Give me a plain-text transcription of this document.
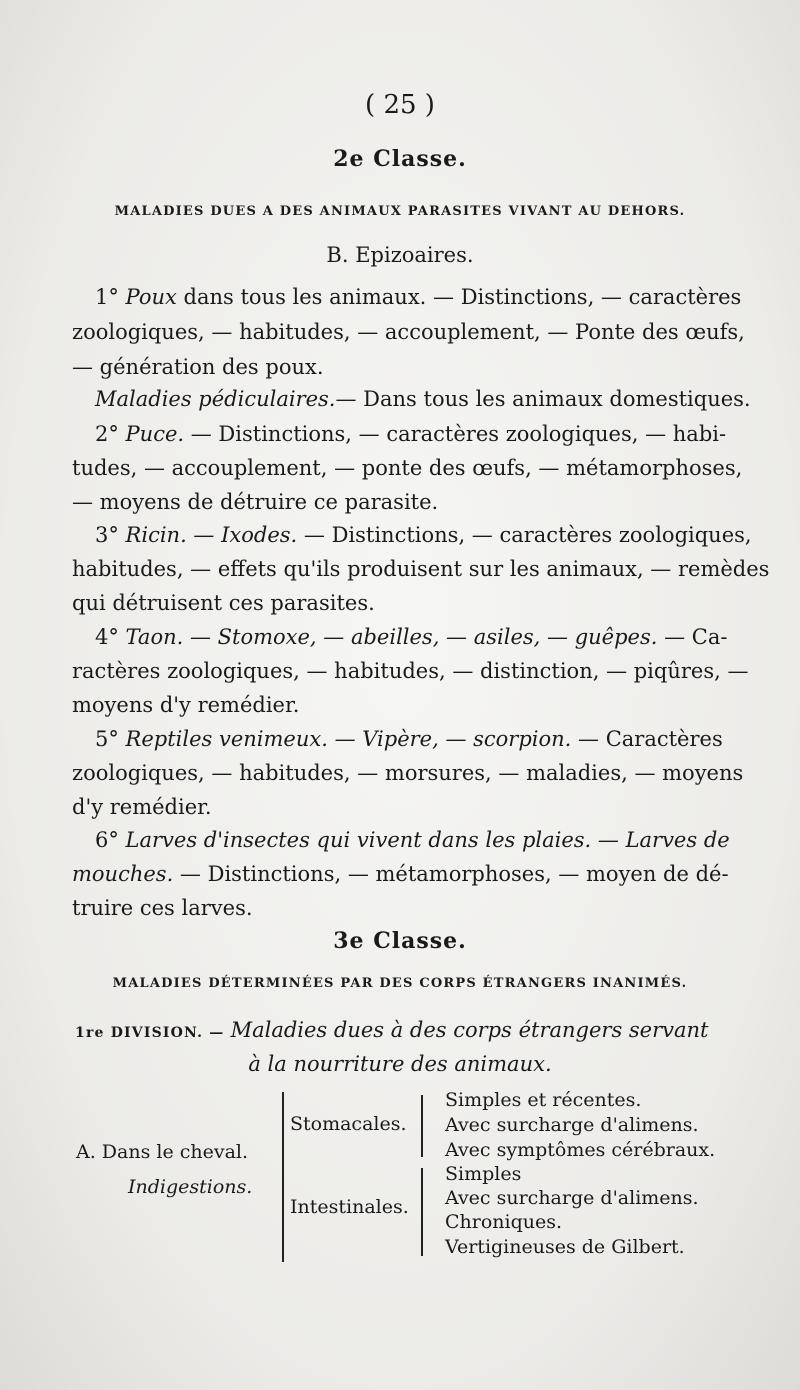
( 25 )
2e Classe.
MALADIES DUES A DES ANIMAUX PARASITES VIVANT AU DEHORS.
B. Epizoaires.
1° Poux dans tous les animaux. — Distinctions, — caractères
zoologiques, — habitudes, — accouplement, — Ponte des œufs,
— génération des poux.
Maladies pédiculaires.— Dans tous les animaux domestiques.
2° Puce. — Distinctions, — caractères zoologiques, — habi-
tudes, — accouplement, — ponte des œufs, — métamorphoses,
— moyens de détruire ce parasite.
3° Ricin. — Ixodes. — Distinctions, — caractères zoologiques,
habitudes, — effets qu'ils produisent sur les animaux, — remèdes
qui détruisent ces parasites.
4° Taon. — Stomoxe, — abeilles, — asiles, — guêpes. — Ca-
ractères zoologiques, — habitudes, — distinction, — piqûres, —
moyens d'y remédier.
5° Reptiles venimeux. — Vipère, — scorpion. — Caractères
zoologiques, — habitudes, — morsures, — maladies, — moyens
d'y remédier.
6° Larves d'insectes qui vivent dans les plaies. — Larves de
mouches. — Distinctions, — métamorphoses, — moyen de dé-
truire ces larves.
3e Classe.
MALADIES DÉTERMINÉES PAR DES CORPS ÉTRANGERS INANIMÉS.
1re DIVISION. — Maladies dues à des corps étrangers servant
à la nourriture des animaux.
A. Dans le cheval.
Indigestions.
Stomacales.
Simples et récentes.
Avec surcharge d'alimens.
Avec symptômes cérébraux.
Intestinales.
Simples
Avec surcharge d'alimens.
Chroniques.
Vertigineuses de Gilbert.
